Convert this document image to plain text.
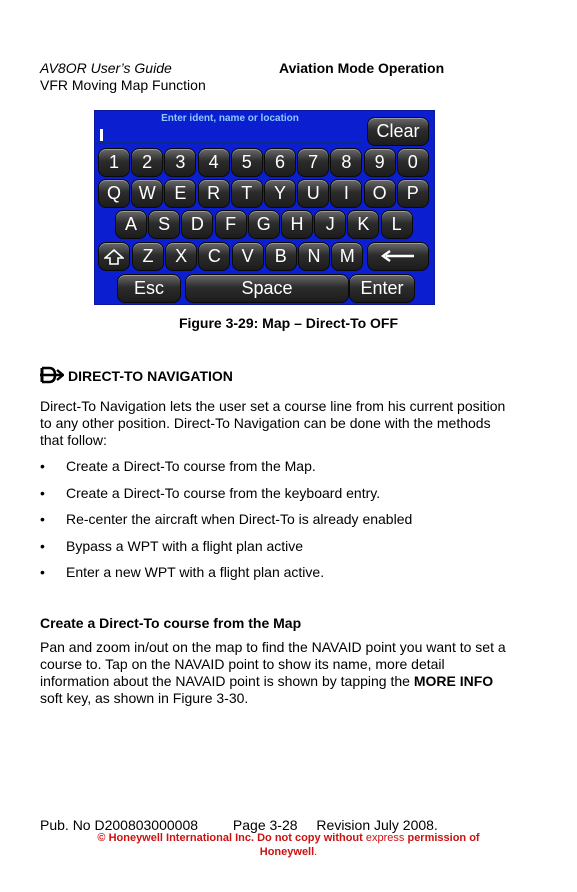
AV8OR User’s Guide
VFR Moving Map Function
Aviation Mode Operation
Enter ident, name or location
Clear
1	2	3	4	5	6	7	8	9	0
Q W	E	R	T	Y	U	I	O	P
A	S	D	F	G	H	J	K	L
Z	X	C	V	B	N	M
Esc	Space	Enter
Figure 3-29: Map – Direct-To OFF
DIRECT-TO NAVIGATION
Direct-To Navigation lets the user set a course line from his current position to any other position. Direct-To Navigation can be done with the methods that follow:
• Create a Direct-To course from the Map.
• Create a Direct-To course from the keyboard entry.
• Re-center the aircraft when Direct-To is already enabled
• Bypass a WPT with a flight plan active
• Enter a new WPT with a flight plan active.
Create a Direct-To course from the Map
Pan and zoom in/out on the map to find the NAVAID point you want to set a course to. Tap on the NAVAID point to show its name, more detail information about the NAVAID point is shown by tapping the MORE INFO soft key, as shown in Figure 3-30.
Pub. No D200803000008 Page 3-28 Revision July 2008.
© Honeywell International Inc. Do not copy without express permission of
Honeywell.
